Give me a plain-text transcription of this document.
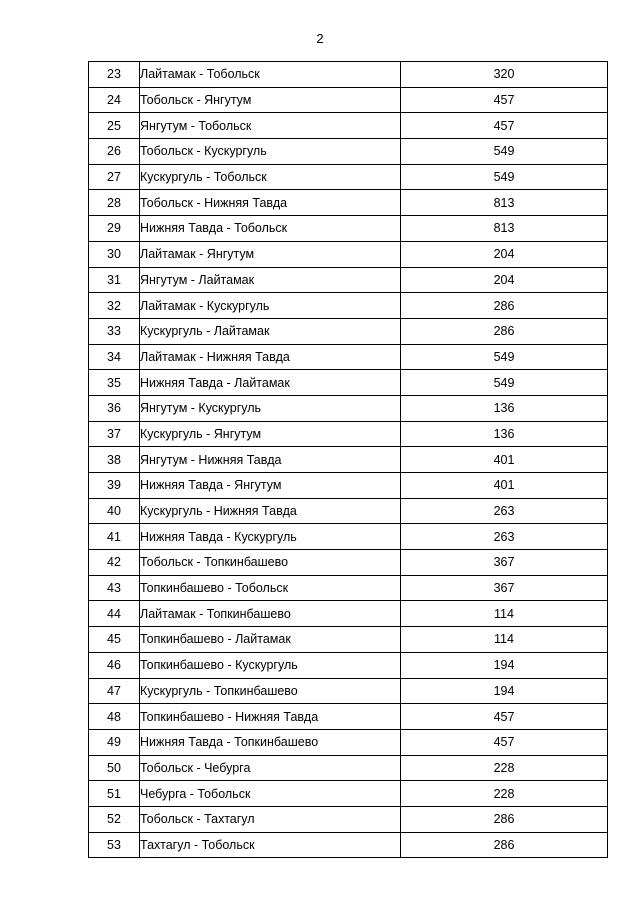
2
23	Лайтамак - Тобольск	320
24	Тобольск - Янгутум	457
25	Янгутум - Тобольск	457
26	Тобольск - Кускургуль	549
27	Кускургуль - Тобольск	549
28	Тобольск - Нижняя Тавда	813
29	Нижняя Тавда - Тобольск	813
30	Лайтамак - Янгутум	204
31	Янгутум - Лайтамак	204
32	Лайтамак - Кускургуль	286
33	Кускургуль - Лайтамак	286
34	Лайтамак - Нижняя Тавда	549
35	Нижняя Тавда - Лайтамак	549
36	Янгутум - Кускургуль	136
37	Кускургуль - Янгутум	136
38	Янгутум - Нижняя Тавда	401
39	Нижняя Тавда - Янгутум	401
40	Кускургуль - Нижняя Тавда	263
41	Нижняя Тавда - Кускургуль	263
42	Тобольск - Топкинбашево	367
43	Топкинбашево - Тобольск	367
44	Лайтамак - Топкинбашево	114
45	Топкинбашево - Лайтамак	114
46	Топкинбашево - Кускургуль	194
47	Кускургуль - Топкинбашево	194
48	Топкинбашево - Нижняя Тавда	457
49	Нижняя Тавда - Топкинбашево	457
50	Тобольск - Чебурга	228
51	Чебурга - Тобольск	228
52	Тобольск - Тахтагул	286
53	Тахтагул - Тобольск	286
